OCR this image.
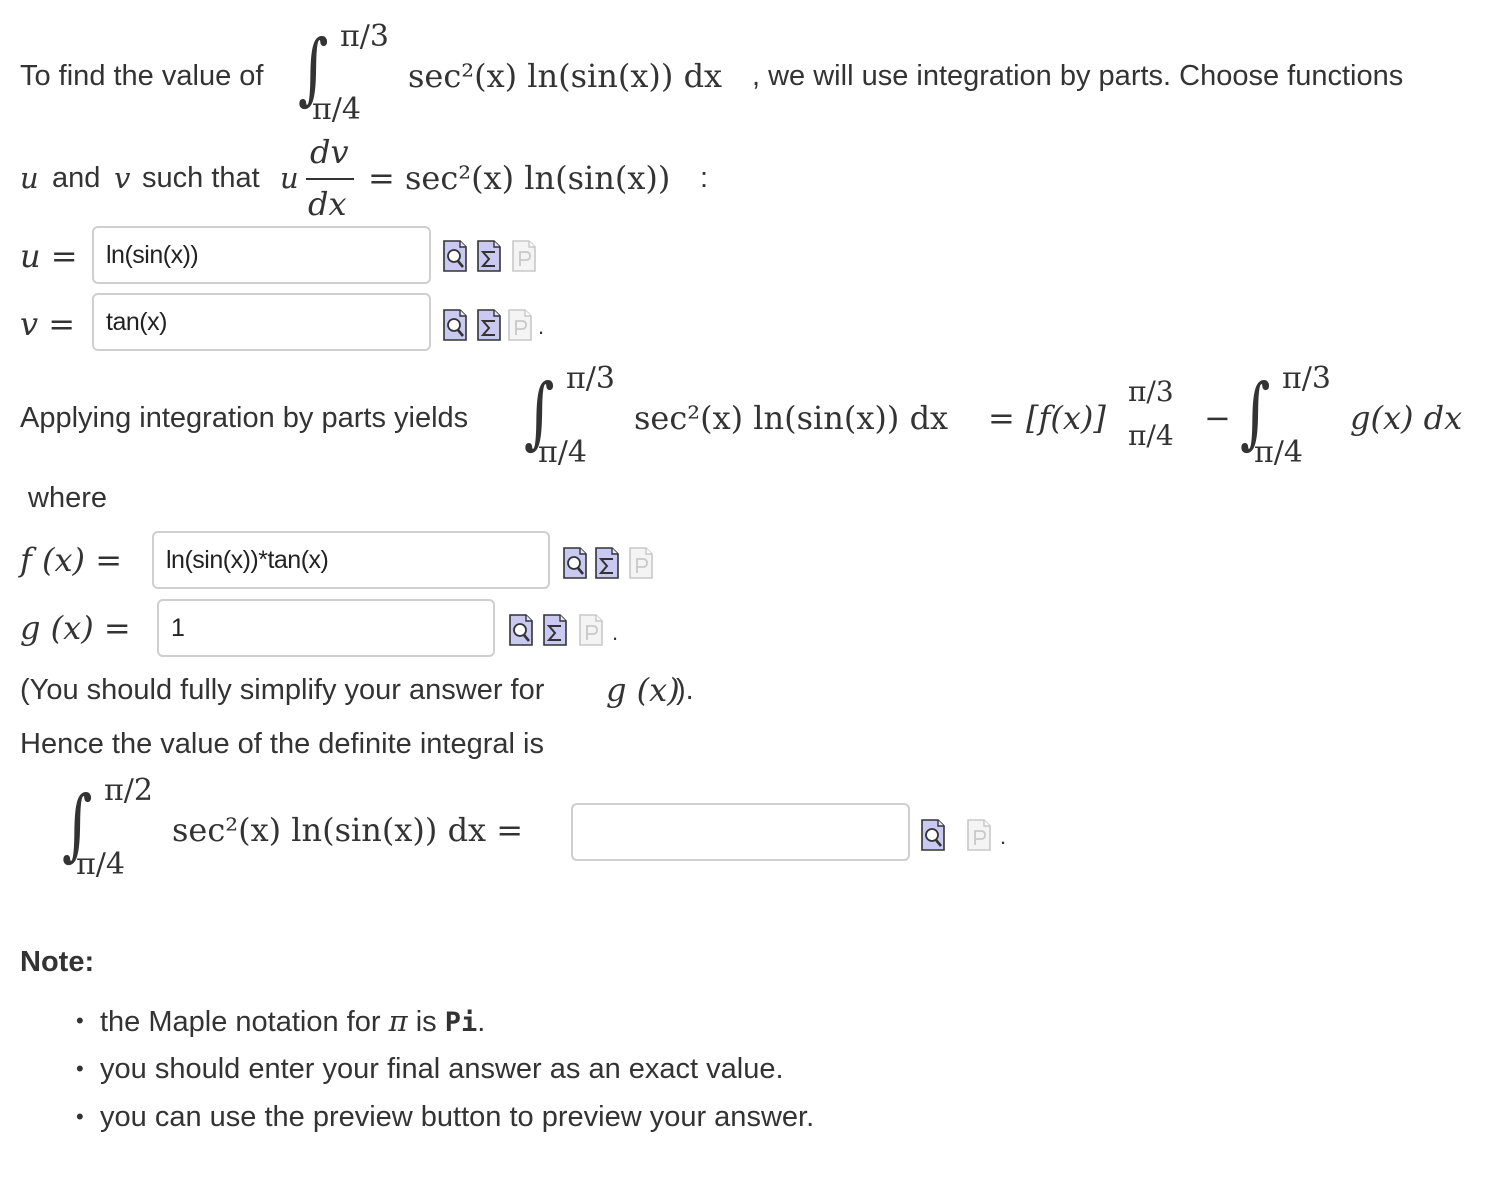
To find the value of ∫ π/3
π/4
sec²(x) ln(sin(x)) dx , we will use integration by parts. Choose functions
u and v such that u
dv
dx
= sec²(x) ln(sin(x)) :
u =	ln(sin(x))
v =	tan(x)	.
Applying integration by parts yields ∫ π/3
π/4
sec²(x) ln(sin(x)) dx = [f(x)]
π/3
π/4 − ∫ π/3
π/4
g(x) dx
where
f (x) =	ln(sin(x))*tan(x)
g (x) =	1	.
(You should fully simplify your answer for g (x)
).
Hence the value of the definite integral is
∫ π/2
π/4
sec²(x) ln(sin(x)) dx =	.
Note:
• the Maple notation for π is Pi.
• you should enter your final answer as an exact value.
• you can use the preview button to preview your answer.
